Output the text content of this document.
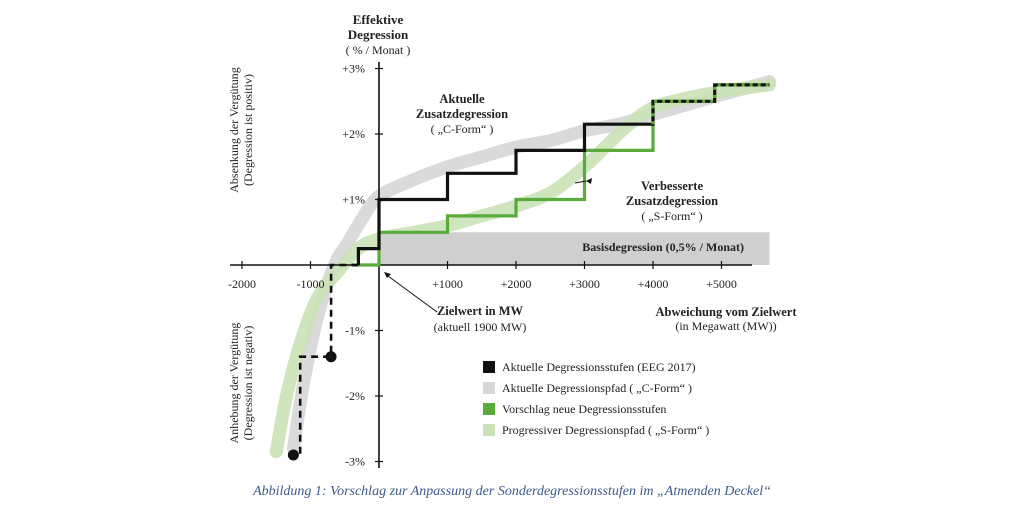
-2000	-1000	+1000	+2000	+3000	+4000	+5000
+3%
+2%
+1%
-1%
-2%
-3%
Effektive
Degression
( % / Monat )
Absenkung der Vergütung (Degression ist positiv)
Anhebung der Vergütung (Degression ist negativ)
Abweichung vom Zielwert
(in Megawatt (MW))
Basisdegression (0,5% / Monat)
Aktuelle
Zusatzdegression
( „C-Form“ )
Verbesserte
Zusatzdegression
( „S-Form“ )
Zielwert in MW
(aktuell 1900 MW)
Aktuelle Degressionsstufen (EEG 2017)
Aktuelle Degressionspfad ( „C-Form“ )
Vorschlag neue Degressionsstufen
Progressiver Degressionspfad ( „S-Form“ )
Abbildung 1: Vorschlag zur Anpassung der Sonderdegressionsstufen im „Atmenden Deckel“
